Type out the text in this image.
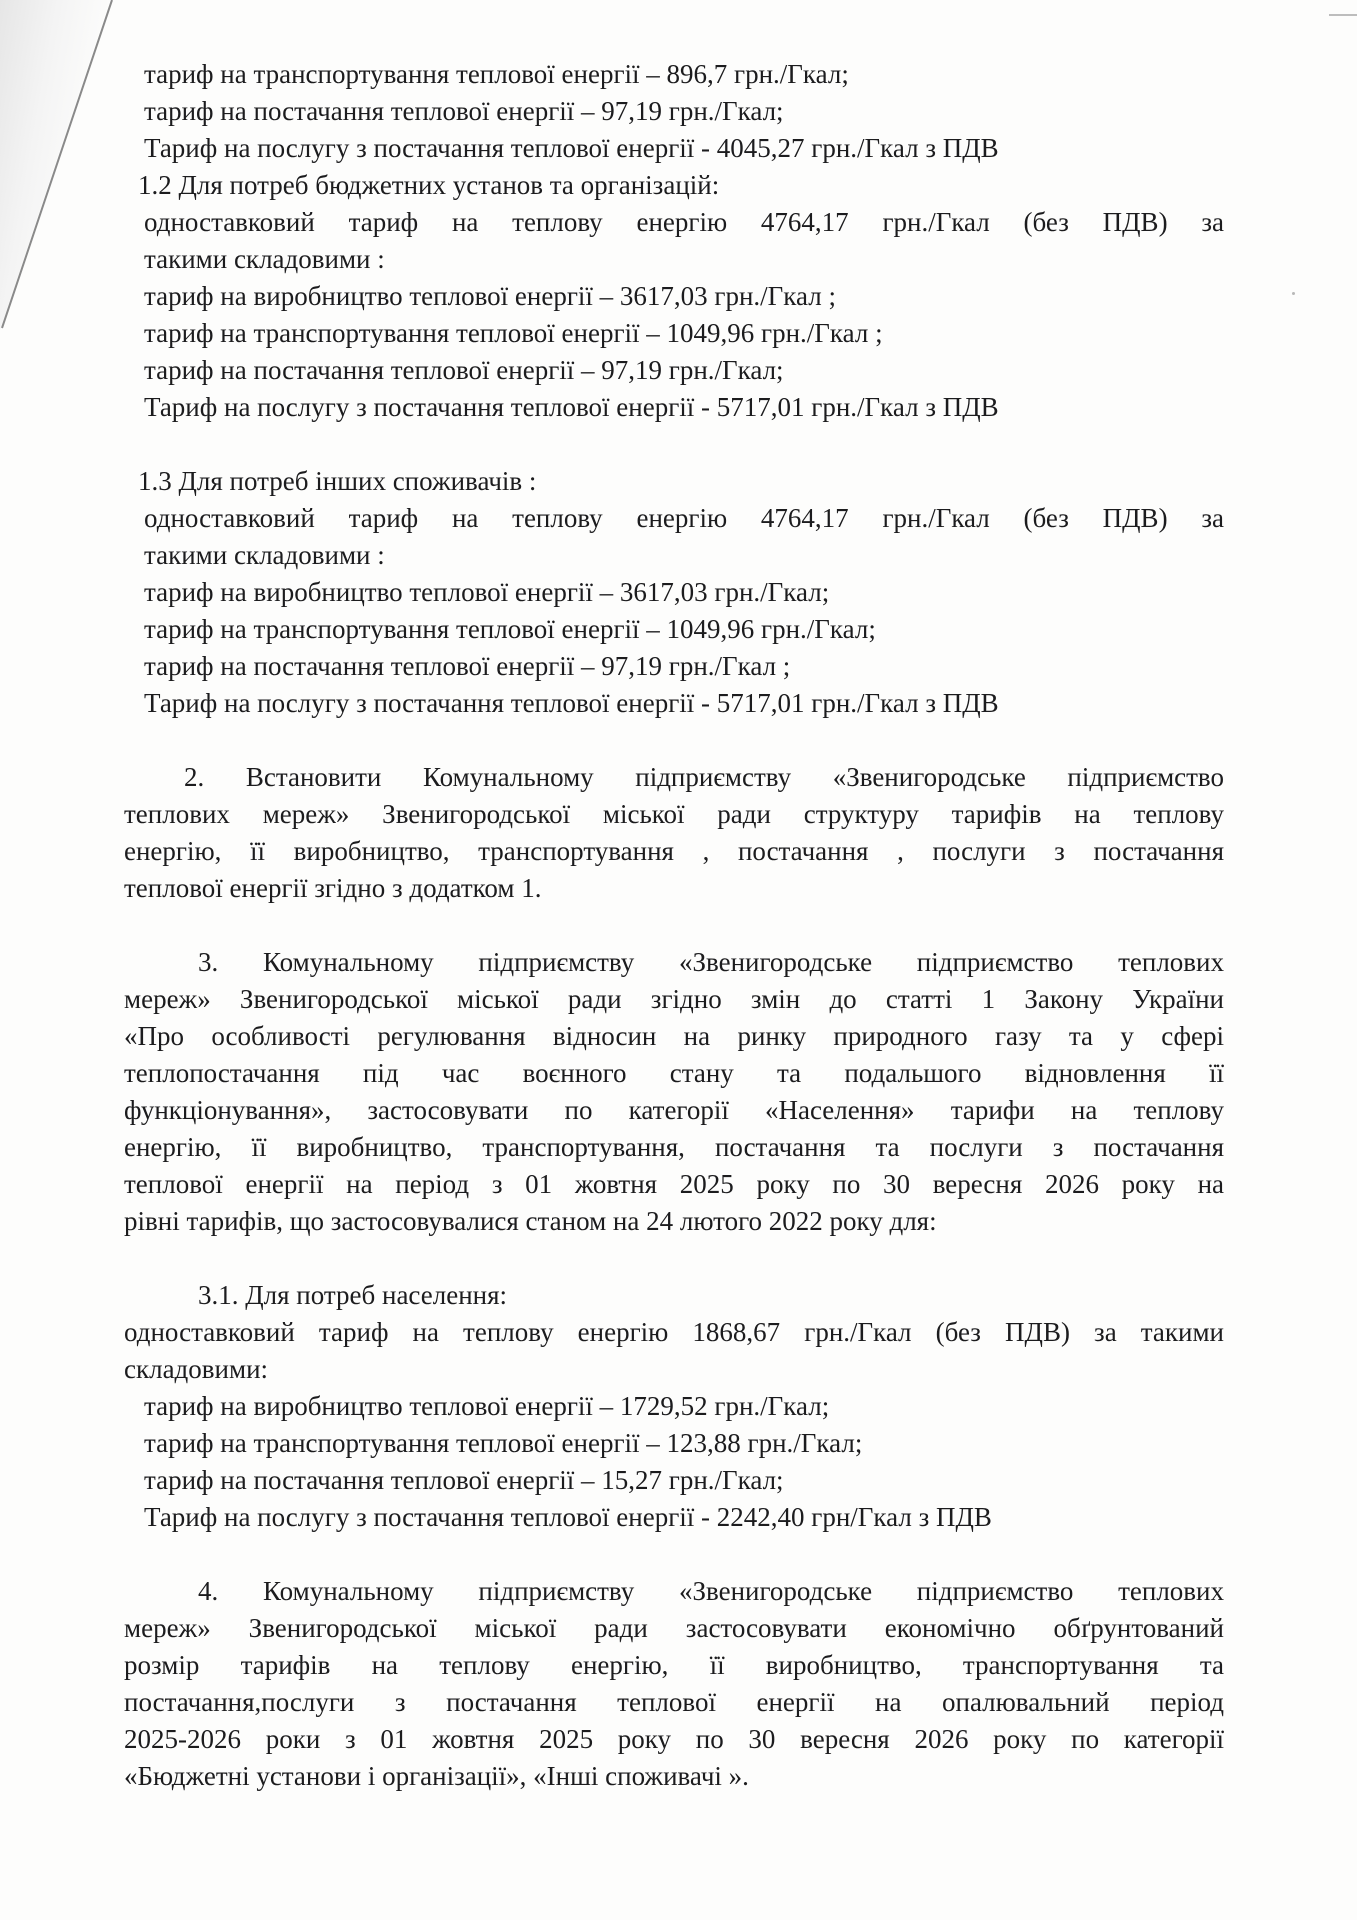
тариф на транспортування теплової енергії – 896,7 грн./Гкал;
тариф на постачання теплової енергії – 97,19 грн./Гкал;
Тариф на послугу з постачання теплової енергії - 4045,27 грн./Гкал з ПДВ
1.2 Для потреб бюджетних установ та організацій:
одноставковий тариф на теплову енергію 4764,17 грн./Гкал (без ПДВ) за
такими складовими :
тариф на виробництво теплової енергії – 3617,03 грн./Гкал ;
тариф на транспортування теплової енергії – 1049,96 грн./Гкал ;
тариф на постачання теплової енергії – 97,19 грн./Гкал;
Тариф на послугу з постачання теплової енергії - 5717,01 грн./Гкал з ПДВ
1.3 Для потреб інших споживачів :
одноставковий тариф на теплову енергію 4764,17 грн./Гкал (без ПДВ) за
такими складовими :
тариф на виробництво теплової енергії – 3617,03 грн./Гкал;
тариф на транспортування теплової енергії – 1049,96 грн./Гкал;
тариф на постачання теплової енергії – 97,19 грн./Гкал ;
Тариф на послугу з постачання теплової енергії - 5717,01 грн./Гкал з ПДВ
2. Встановити Комунальному підприємству «Звенигородське підприємство
теплових мереж» Звенигородської міської ради структуру тарифів на теплову
енергію, її виробництво, транспортування , постачання , послуги з постачання
теплової енергії згідно з додатком 1.
3. Комунальному підприємству «Звенигородське підприємство теплових
мереж» Звенигородської міської ради згідно змін до статті 1 Закону України
«Про особливості регулювання відносин на ринку природного газу та у сфері
теплопостачання під час воєнного стану та подальшого відновлення її
функціонування», застосовувати по категорії «Населення» тарифи на теплову
енергію, її виробництво, транспортування, постачання та послуги з постачання
теплової енергії на період з 01 жовтня 2025 року по 30 вересня 2026 року на
рівні тарифів, що застосовувалися станом на 24 лютого 2022 року для:
3.1. Для потреб населення:
одноставковий тариф на теплову енергію 1868,67 грн./Гкал (без ПДВ) за такими
складовими:
тариф на виробництво теплової енергії – 1729,52 грн./Гкал;
тариф на транспортування теплової енергії – 123,88 грн./Гкал;
тариф на постачання теплової енергії – 15,27 грн./Гкал;
Тариф на послугу з постачання теплової енергії - 2242,40 грн/Гкал з ПДВ
4. Комунальному підприємству «Звенигородське підприємство теплових
мереж» Звенигородської міської ради застосовувати економічно обґрунтований
розмір тарифів на теплову енергію, її виробництво, транспортування та
постачання,послуги з постачання теплової енергії на опалювальний період
2025-2026 роки з 01 жовтня 2025 року по 30 вересня 2026 року по категорії
«Бюджетні установи і організації», «Інші споживачі ».
